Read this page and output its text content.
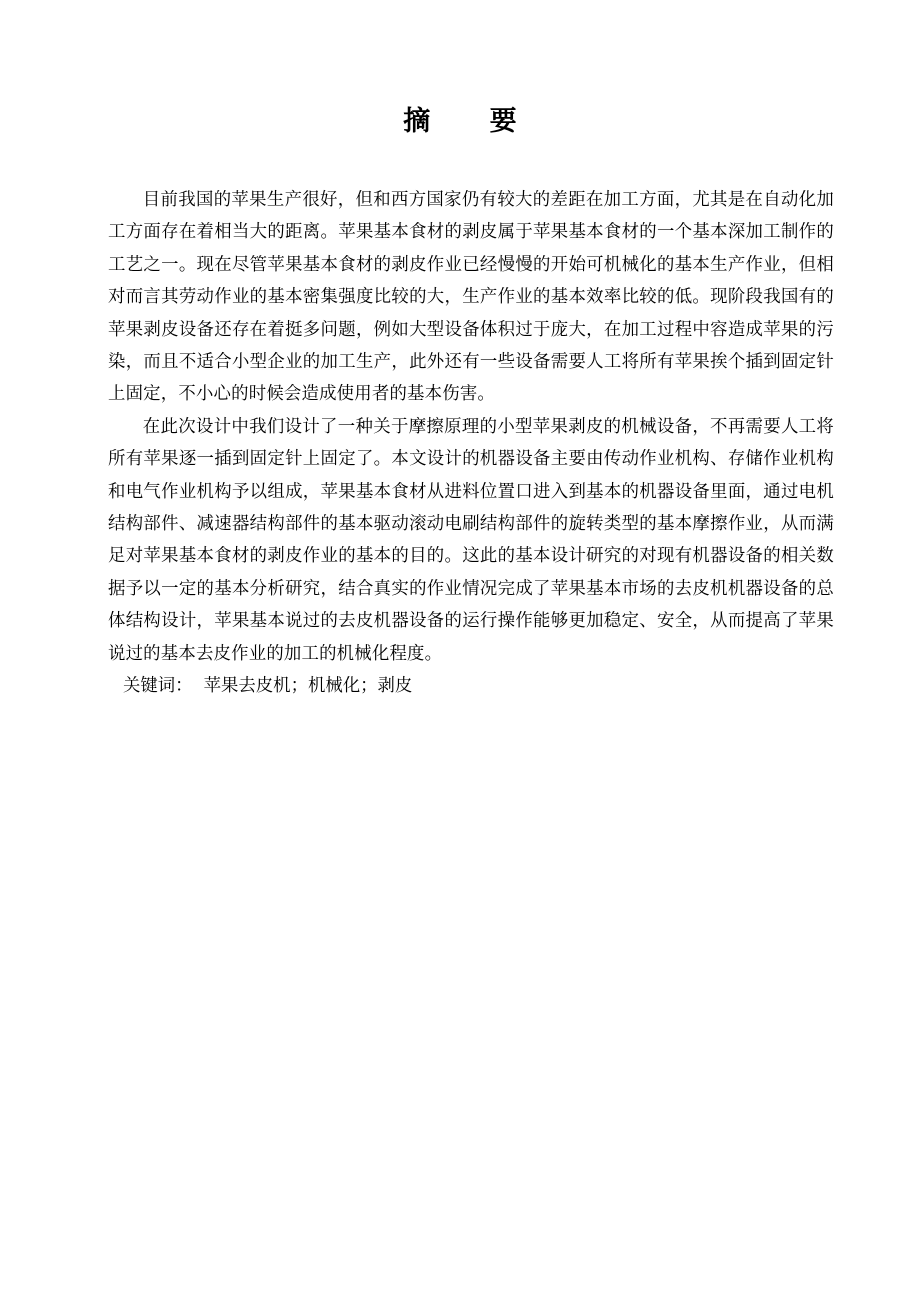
摘　要

目前我国的苹果生产很好，但和西方国家仍有较大的差距在加工方面，尤其是在自动化加工方面存在着相当大的距离。苹果基本食材的剥皮属于苹果基本食材的一个基本深加工制作的工艺之一。现在尽管苹果基本食材的剥皮作业已经慢慢的开始可机械化的基本生产作业，但相对而言其劳动作业的基本密集强度比较的大，生产作业的基本效率比较的低。现阶段我国有的苹果剥皮设备还存在着挺多问题，例如大型设备体积过于庞大，在加工过程中容造成苹果的污染，而且不适合小型企业的加工生产，此外还有一些设备需要人工将所有苹果挨个插到固定针上固定，不小心的时候会造成使用者的基本伤害。

在此次设计中我们设计了一种关于摩擦原理的小型苹果剥皮的机械设备，不再需要人工将所有苹果逐一插到固定针上固定了。本文设计的机器设备主要由传动作业机构、存储作业机构和电气作业机构予以组成，苹果基本食材从进料位置口进入到基本的机器设备里面，通过电机结构部件、减速器结构部件的基本驱动滚动电刷结构部件的旋转类型的基本摩擦作业，从而满足对苹果基本食材的剥皮作业的基本的目的。这此的基本设计研究的对现有机器设备的相关数据予以一定的基本分析研究，结合真实的作业情况完成了苹果基本市场的去皮机机器设备的总体结构设计，苹果基本说过的去皮机器设备的运行操作能够更加稳定、安全，从而提高了苹果说过的基本去皮作业的加工的机械化程度。

关键词：  苹果去皮机；机械化；剥皮
